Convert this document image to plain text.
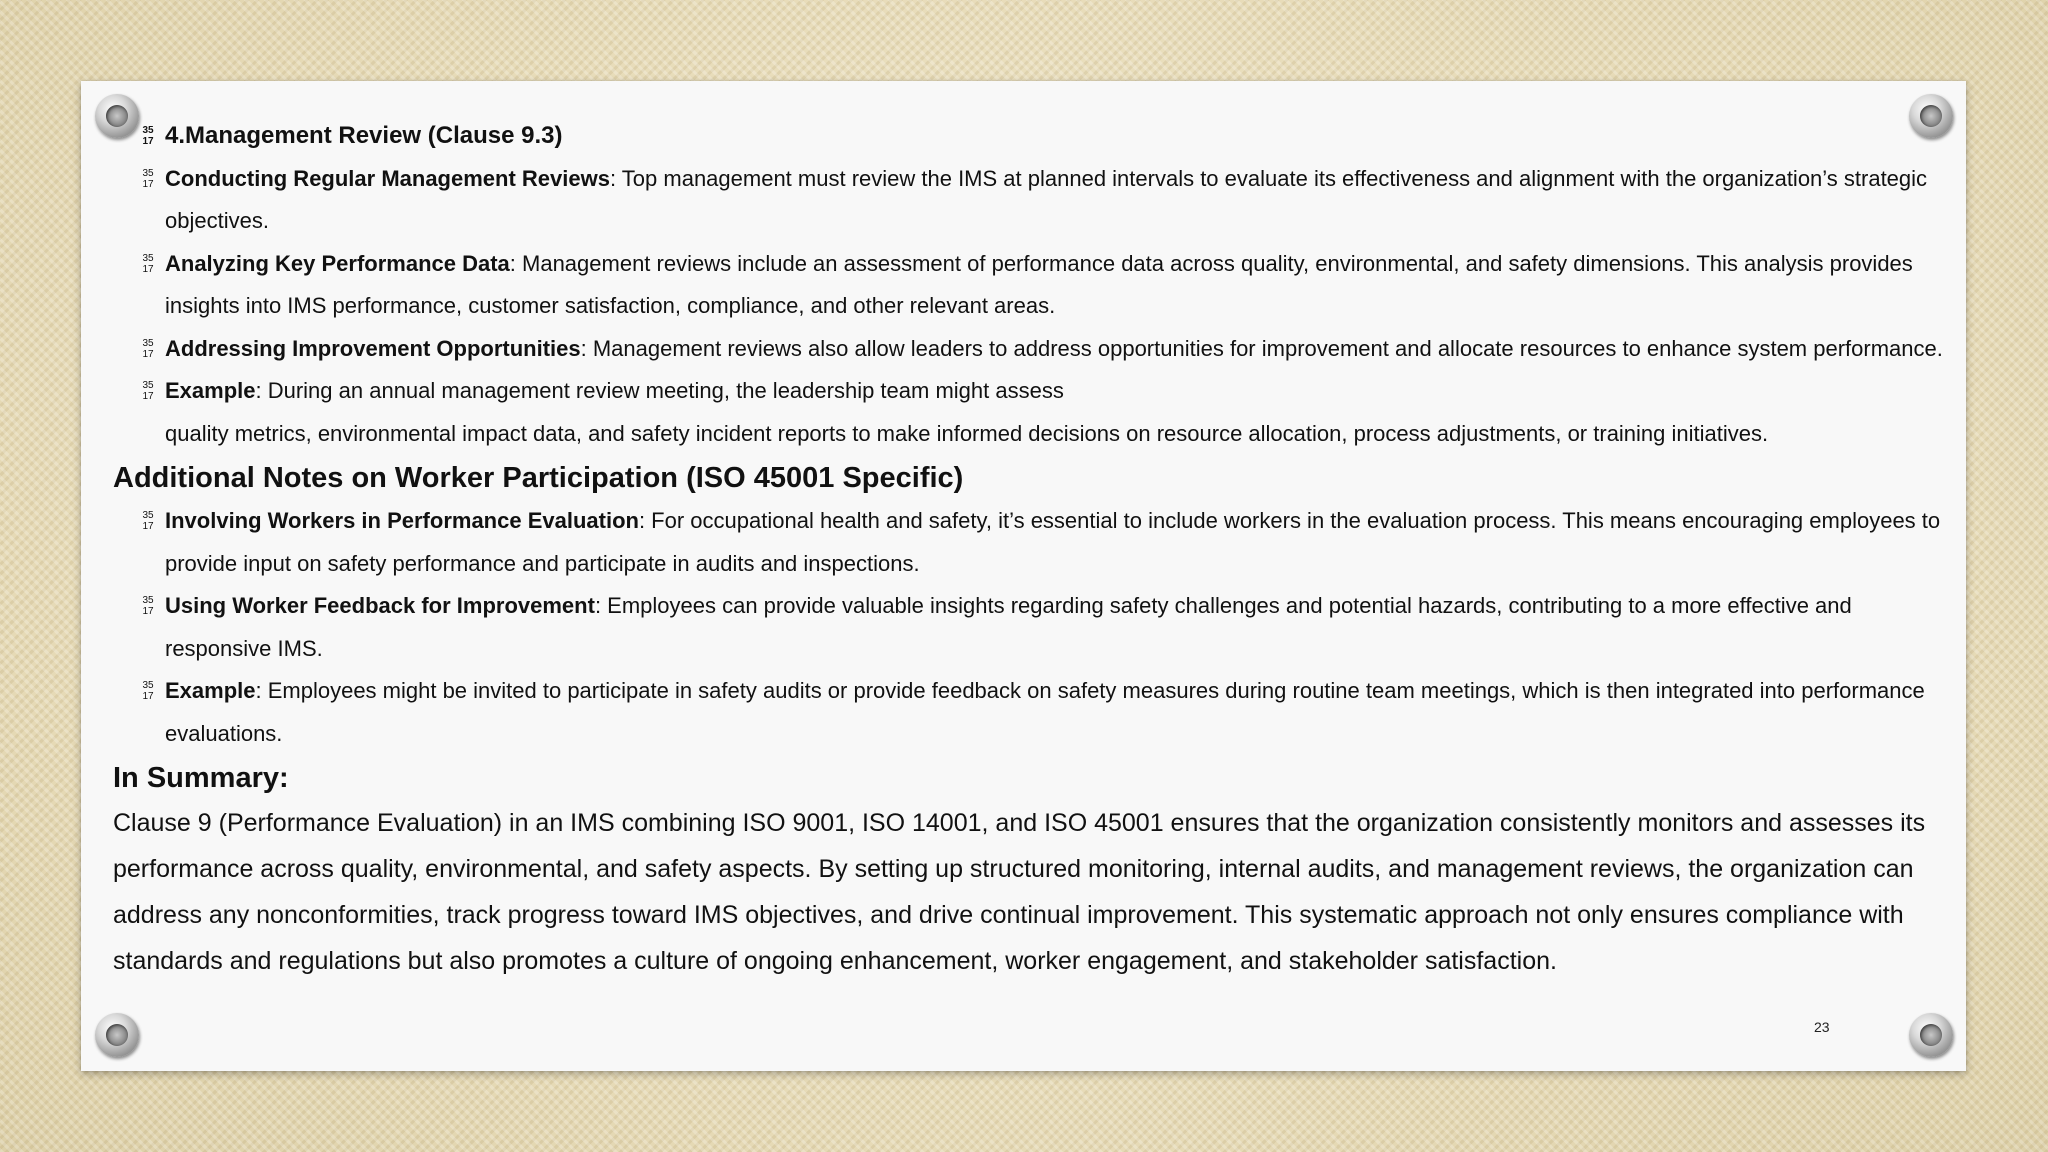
35
17 4.Management Review (Clause 9.3)

35
17 Conducting Regular Management Reviews: Top management must review the IMS at planned intervals to evaluate its effectiveness and alignment with the organization’s strategic objectives.

35
17 Analyzing Key Performance Data: Management reviews include an assessment of performance data across quality, environmental, and safety dimensions. This analysis provides insights into IMS performance, customer satisfaction, compliance, and other relevant areas.

35
17 Addressing Improvement Opportunities: Management reviews also allow leaders to address opportunities for improvement and allocate resources to enhance system performance.

35
17 Example: During an annual management review meeting, the leadership team might assess
quality metrics, environmental impact data, and safety incident reports to make informed decisions on resource allocation, process adjustments, or training initiatives.

Additional Notes on Worker Participation (ISO 45001 Specific)

35
17 Involving Workers in Performance Evaluation: For occupational health and safety, it’s essential to include workers in the evaluation process. This means encouraging employees to provide input on safety performance and participate in audits and inspections.

35
17 Using Worker Feedback for Improvement: Employees can provide valuable insights regarding safety challenges and potential hazards, contributing to a more effective and responsive IMS.

35
17 Example: Employees might be invited to participate in safety audits or provide feedback on safety measures during routine team meetings, which is then integrated into performance evaluations.

In Summary:

Clause 9 (Performance Evaluation) in an IMS combining ISO 9001, ISO 14001, and ISO 45001 ensures that the organization consistently monitors and assesses its performance across quality, environmental, and safety aspects. By setting up structured monitoring, internal audits, and management reviews, the organization can address any nonconformities, track progress toward IMS objectives, and drive continual improvement. This systematic approach not only ensures compliance with standards and regulations but also promotes a culture of ongoing enhancement, worker engagement, and stakeholder satisfaction.

23
